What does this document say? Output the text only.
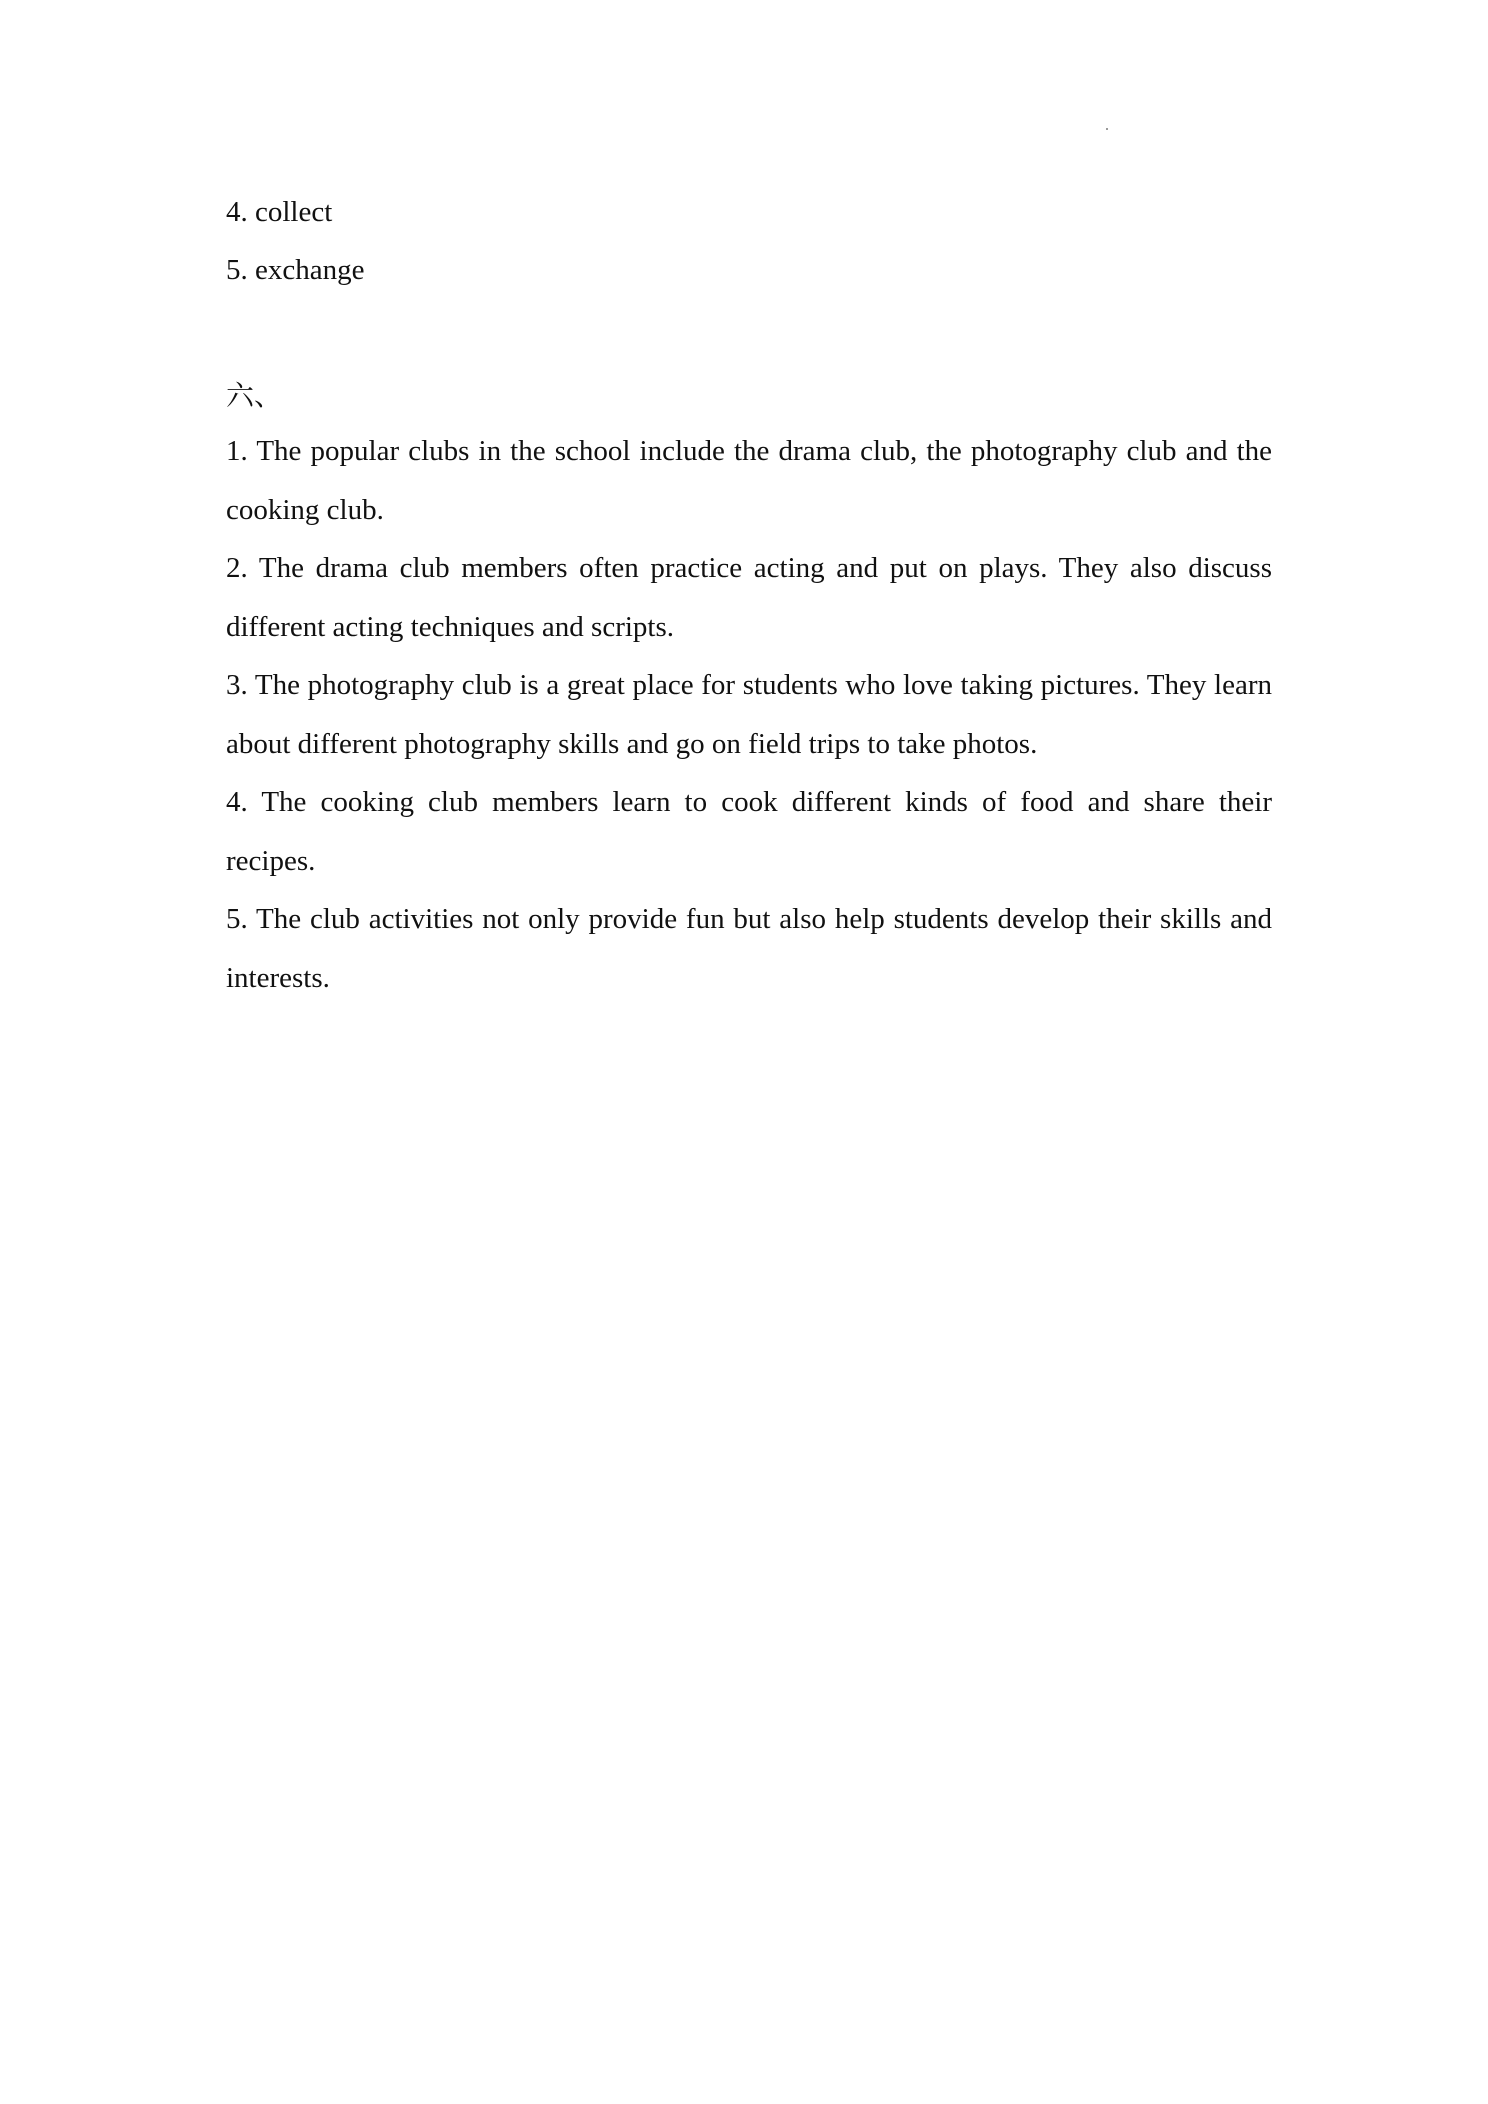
4. collect
5. exchange
六、

1. The popular clubs in the school include the drama club, the photography club and the cooking club.

2. The drama club members often practice acting and put on plays. They also discuss different acting techniques and scripts.

3. The photography club is a great place for students who love taking pictures. They learn about different photography skills and go on field trips to take photos.

4. The cooking club members learn to cook different kinds of food and share their recipes.

5. The club activities not only provide fun but also help students develop their skills and interests.
